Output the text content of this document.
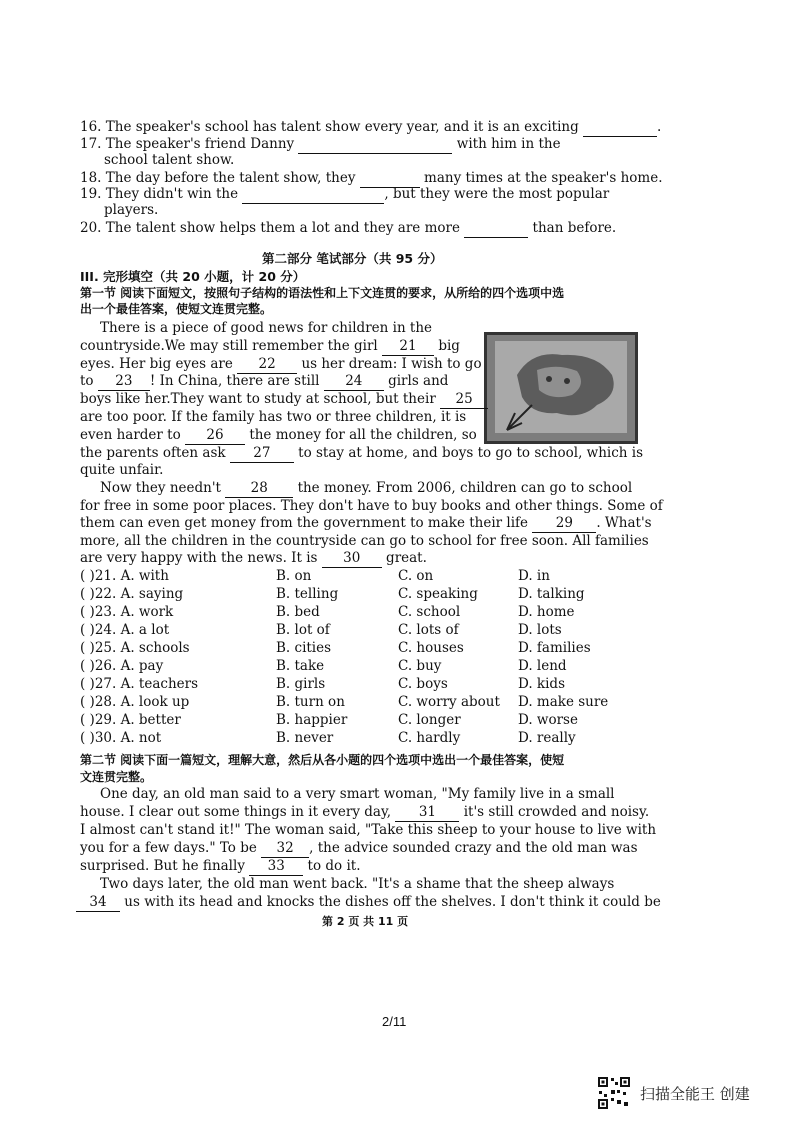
16. The speaker's school has talent show every year, and it is an exciting	.
17. The speaker's friend Danny	with him in the
school talent show.
18. The day before the talent show, they	many times at the speaker's home.
19. They didn't win the	, but they were the most popular
players.
20. The talent show helps them a lot and they are more	than before.
第二部分 笔试部分（共 95 分）
III. 完形填空（共 20 小题，计 20 分）
第一节 阅读下面短文，按照句子结构的语法性和上下文连贯的要求，从所给的四个选项中选
出一个最佳答案，使短文连贯完整。
There is a piece of good news for children in the
countryside.We may still remember the girl 21 big
eyes. Her big eyes are 22 us her dream: I wish to go
to 23 ! In China, there are still 24 girls and
boys like her.They want to study at school, but their 25
are too poor. If the family has two or three children, it is
even harder to 26 the money for all the children, so
the parents often ask 27 to stay at home, and boys to go to school, which is
quite unfair.
Now they needn't 28 the money. From 2006, children can go to school
for free in some poor places. They don't have to buy books and other things. Some of
them can even get money from the government to make their life 29 . What's
more, all the children in the countryside can go to school for free soon. All families
are very happy with the news. It is 30 great.
( )21. A. with	B. on	C. on	D. in
( )22. A. saying	B. telling	C. speaking	D. talking
( )23. A. work	B. bed	C. school	D. home
( )24. A. a lot	B. lot of	C. lots of	D. lots
( )25. A. schools	B. cities	C. houses	D. families
( )26. A. pay	B. take	C. buy	D. lend
( )27. A. teachers	B. girls	C. boys	D. kids
( )28. A. look up	B. turn on	C. worry about D. make sure
( )29. A. better	B. happier	C. longer	D. worse
( )30. A. not	B. never	C. hardly	D. really
第二节 阅读下面一篇短文，理解大意，然后从各小题的四个选项中选出一个最佳答案，使短
文连贯完整。
One day, an old man said to a very smart woman, "My family live in a small
house. I clear out some things in it every day, 31 it's still crowded and noisy.
I almost can't stand it!" The woman said, "Take this sheep to your house to live with
you for a few days." To be 32 , the advice sounded crazy and the old man was
surprised. But he finally 33 to do it.
Two days later, the old man went back. "It's a shame that the sheep always
34 us with its head and knocks the dishes off the shelves. I don't think it could be
第 2 页 共 11 页
2/11
扫描全能王 创建
